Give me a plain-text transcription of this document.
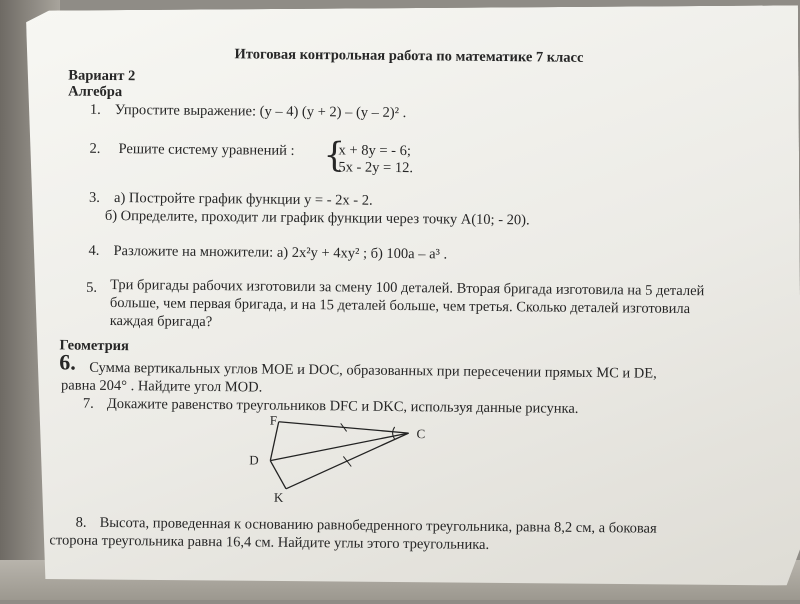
Итоговая контрольная работа по математике 7 класс
Вариант 2
Алгебра
1. Упростите выражение: (y – 4) (y + 2) – (y – 2)² .
2. Решите систему уравнений : {
x + 8y = - 6;
5x - 2y = 12.
3. а) Постройте график функции y = - 2x - 2.
б) Определите, проходит ли график функции через точку А(10; - 20).
4. Разложите на множители: а) 2x²y + 4xy² ; б) 100a – a³ .
5. Три бригады рабочих изготовили за смену 100 деталей. Вторая бригада изготовила на 5 деталей
больше, чем первая бригада, и на 15 деталей больше, чем третья. Сколько деталей изготовила
каждая бригада?
Геометрия
6. Сумма вертикальных углов MOE и DOC, образованных при пересечении прямых MC и DE,
равна 204° . Найдите угол MOD.
7. Докажите равенство треугольников DFC и DKC, используя данные рисунка.
F
C
D
K
8. Высота, проведенная к основанию равнобедренного треугольника, равна 8,2 см, а боковая
сторона треугольника равна 16,4 см. Найдите углы этого треугольника.
